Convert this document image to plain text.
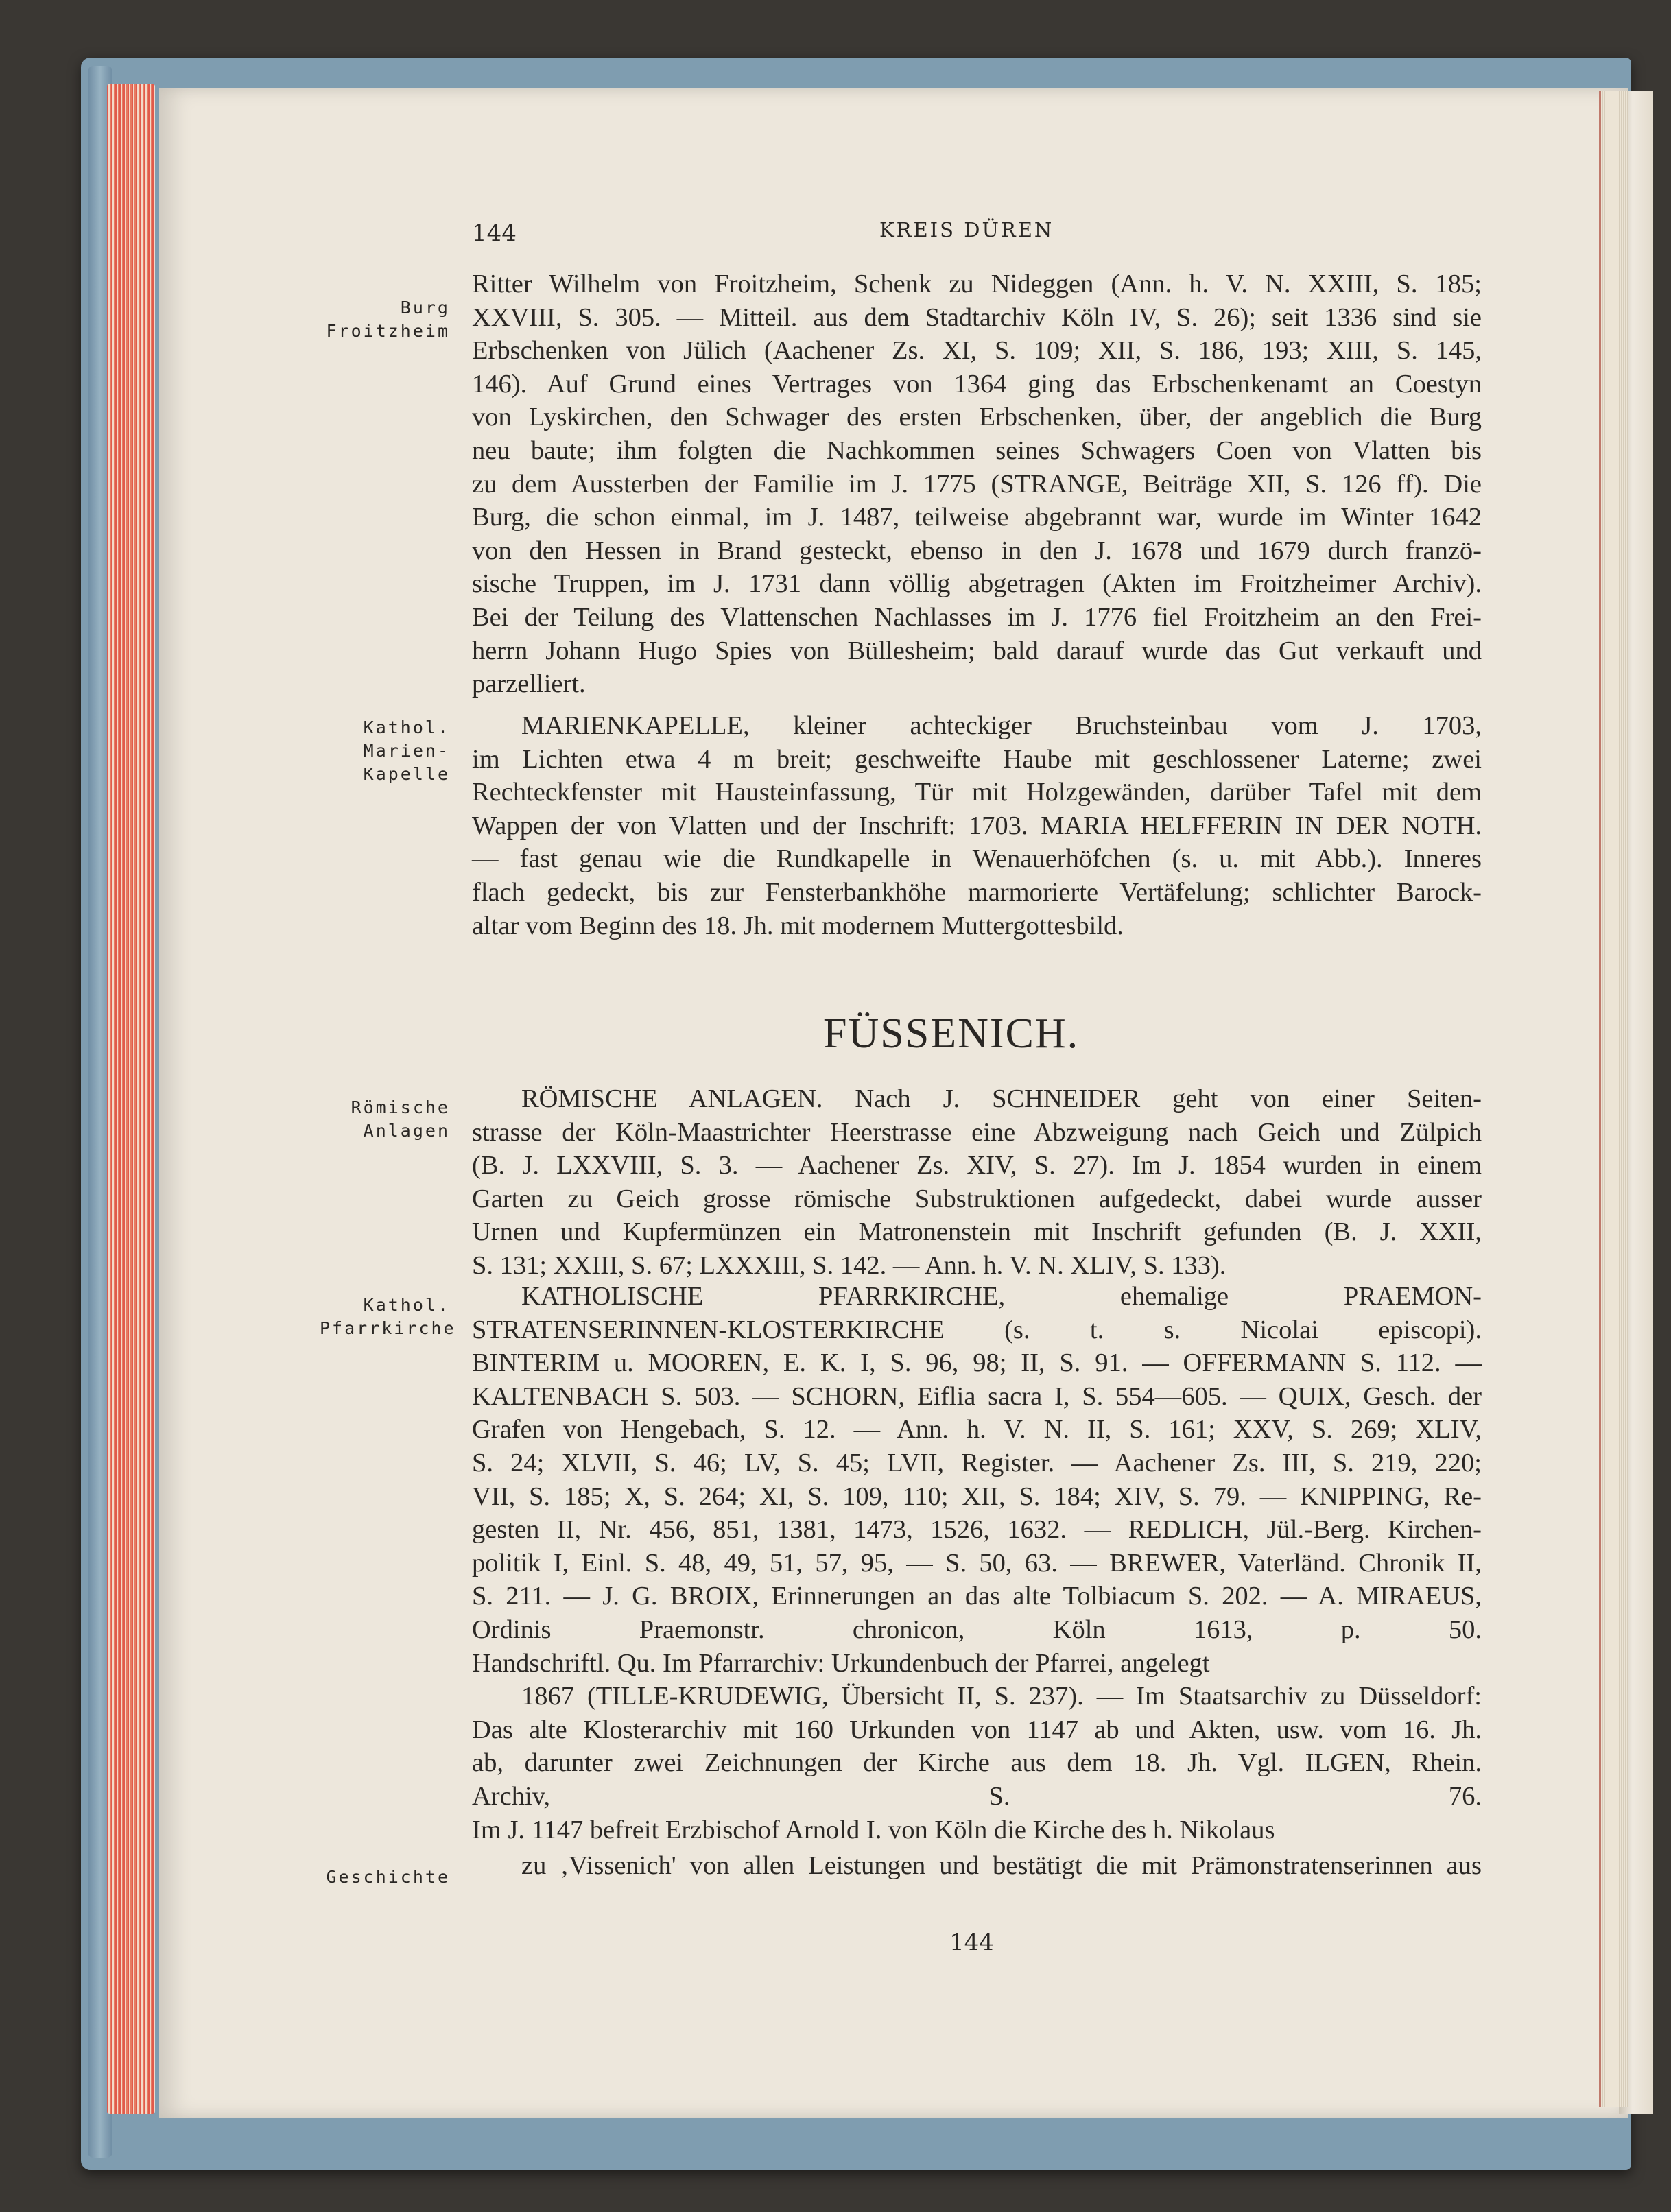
144	KREIS DÜREN
Burg
Froitzheim
Kathol.
Marien-
Kapelle
Römische
Anlagen
Kathol.
Pfarrkirche
Geschichte
FÜSSENICH.
Ritter Wilhelm von Froitzheim, Schenk zu Nideggen (Ann. h. V. N. XXIII, S. 185;
XXVIII, S. 305. — Mitteil. aus dem Stadtarchiv Köln IV, S. 26); seit 1336 sind sie
Erbschenken von Jülich (Aachener Zs. XI, S. 109; XII, S. 186, 193; XIII, S. 145,
146). Auf Grund eines Vertrages von 1364 ging das Erbschenkenamt an Coestyn
von Lyskirchen, den Schwager des ersten Erbschenken, über, der angeblich die Burg
neu baute; ihm folgten die Nachkommen seines Schwagers Coen von Vlatten bis
zu dem Aussterben der Familie im J. 1775 (STRANGE, Beiträge XII, S. 126 ff). Die
Burg, die schon einmal, im J. 1487, teilweise abgebrannt war, wurde im Winter 1642
von den Hessen in Brand gesteckt, ebenso in den J. 1678 und 1679 durch franzö-
sische Truppen, im J. 1731 dann völlig abgetragen (Akten im Froitzheimer Archiv).
Bei der Teilung des Vlattenschen Nachlasses im J. 1776 fiel Froitzheim an den Frei-
herrn Johann Hugo Spies von Büllesheim; bald darauf wurde das Gut verkauft und
parzelliert.
MARIENKAPELLE, kleiner achteckiger Bruchsteinbau vom J. 1703,
im Lichten etwa 4 m breit; geschweifte Haube mit geschlossener Laterne; zwei
Rechteckfenster mit Hausteinfassung, Tür mit Holzgewänden, darüber Tafel mit dem
Wappen der von Vlatten und der Inschrift: 1703. MARIA HELFFERIN IN DER NOTH.
— fast genau wie die Rundkapelle in Wenauerhöfchen (s. u. mit Abb.). Inneres
flach gedeckt, bis zur Fensterbankhöhe marmorierte Vertäfelung; schlichter Barock-
altar vom Beginn des 18. Jh. mit modernem Muttergottesbild.
RÖMISCHE ANLAGEN. Nach J. SCHNEIDER geht von einer Seiten-
strasse der Köln-Maastrichter Heerstrasse eine Abzweigung nach Geich und Zülpich
(B. J. LXXVIII, S. 3. — Aachener Zs. XIV, S. 27). Im J. 1854 wurden in einem
Garten zu Geich grosse römische Substruktionen aufgedeckt, dabei wurde ausser
Urnen und Kupfermünzen ein Matronenstein mit Inschrift gefunden (B. J. XXII,
S. 131; XXIII, S. 67; LXXXIII, S. 142. — Ann. h. V. N. XLIV, S. 133).
KATHOLISCHE PFARRKIRCHE, ehemalige PRAEMON-
STRATENSERINNEN-KLOSTERKIRCHE (s. t. s. Nicolai episcopi).
BINTERIM u. MOOREN, E. K. I, S. 96, 98; II, S. 91. — OFFERMANN S. 112. —
KALTENBACH S. 503. — SCHORN, Eiflia sacra I, S. 554—605. — QUIX, Gesch. der
Grafen von Hengebach, S. 12. — Ann. h. V. N. II, S. 161; XXV, S. 269; XLIV,
S. 24; XLVII, S. 46; LV, S. 45; LVII, Register. — Aachener Zs. III, S. 219, 220;
VII, S. 185; X, S. 264; XI, S. 109, 110; XII, S. 184; XIV, S. 79. — KNIPPING, Re-
gesten II, Nr. 456, 851, 1381, 1473, 1526, 1632. — REDLICH, Jül.-Berg. Kirchen-
politik I, Einl. S. 48, 49, 51, 57, 95, — S. 50, 63. — BREWER, Vaterländ. Chronik II,
S. 211. — J. G. BROIX, Erinnerungen an das alte Tolbiacum S. 202. — A. MIRAEUS,
Ordinis Praemonstr. chronicon, Köln 1613, p. 50.
Handschriftl. Qu. Im Pfarrarchiv: Urkundenbuch der Pfarrei, angelegt
1867 (TILLE-KRUDEWIG, Übersicht II, S. 237). — Im Staatsarchiv zu Düsseldorf:
Das alte Klosterarchiv mit 160 Urkunden von 1147 ab und Akten, usw. vom 16. Jh.
ab, darunter zwei Zeichnungen der Kirche aus dem 18. Jh. Vgl. ILGEN, Rhein.
Archiv, S. 76.
Im J. 1147 befreit Erzbischof Arnold I. von Köln die Kirche des h. Nikolaus
zu ‚Vissenich' von allen Leistungen und bestätigt die mit Prämonstratenserinnen aus
144
